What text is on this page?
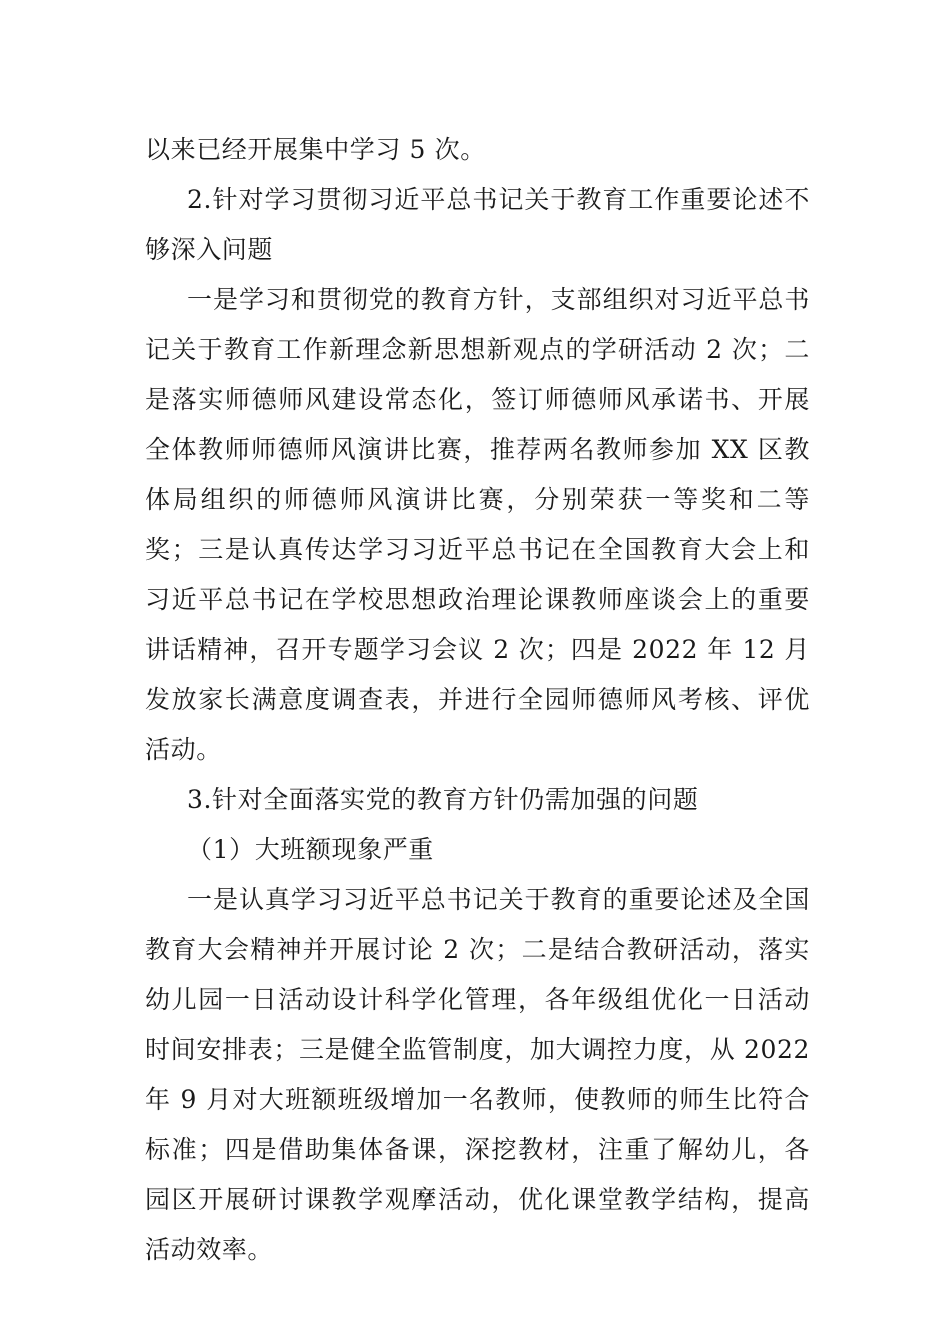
以来已经开展集中学习 5 次。

2.针对学习贯彻习近平总书记关于教育工作重要论述不够深入问题

一是学习和贯彻党的教育方针，支部组织对习近平总书记关于教育工作新理念新思想新观点的学研活动 2 次；二是落实师德师风建设常态化，签订师德师风承诺书、开展全体教师师德师风演讲比赛，推荐两名教师参加 XX 区教体局组织的师德师风演讲比赛，分别荣获一等奖和二等奖；三是认真传达学习习近平总书记在全国教育大会上和习近平总书记在学校思想政治理论课教师座谈会上的重要讲话精神，召开专题学习会议 2 次；四是 2022 年 12 月发放家长满意度调查表，并进行全园师德师风考核、评优活动。

3.针对全面落实党的教育方针仍需加强的问题

（1）大班额现象严重

一是认真学习习近平总书记关于教育的重要论述及全国教育大会精神并开展讨论 2 次；二是结合教研活动，落实幼儿园一日活动设计科学化管理，各年级组优化一日活动时间安排表；三是健全监管制度，加大调控力度，从 2022 年 9 月对大班额班级增加一名教师，使教师的师生比符合标准；四是借助集体备课，深挖教材，注重了解幼儿，各园区开展研讨课教学观摩活动，优化课堂教学结构，提高活动效率。
